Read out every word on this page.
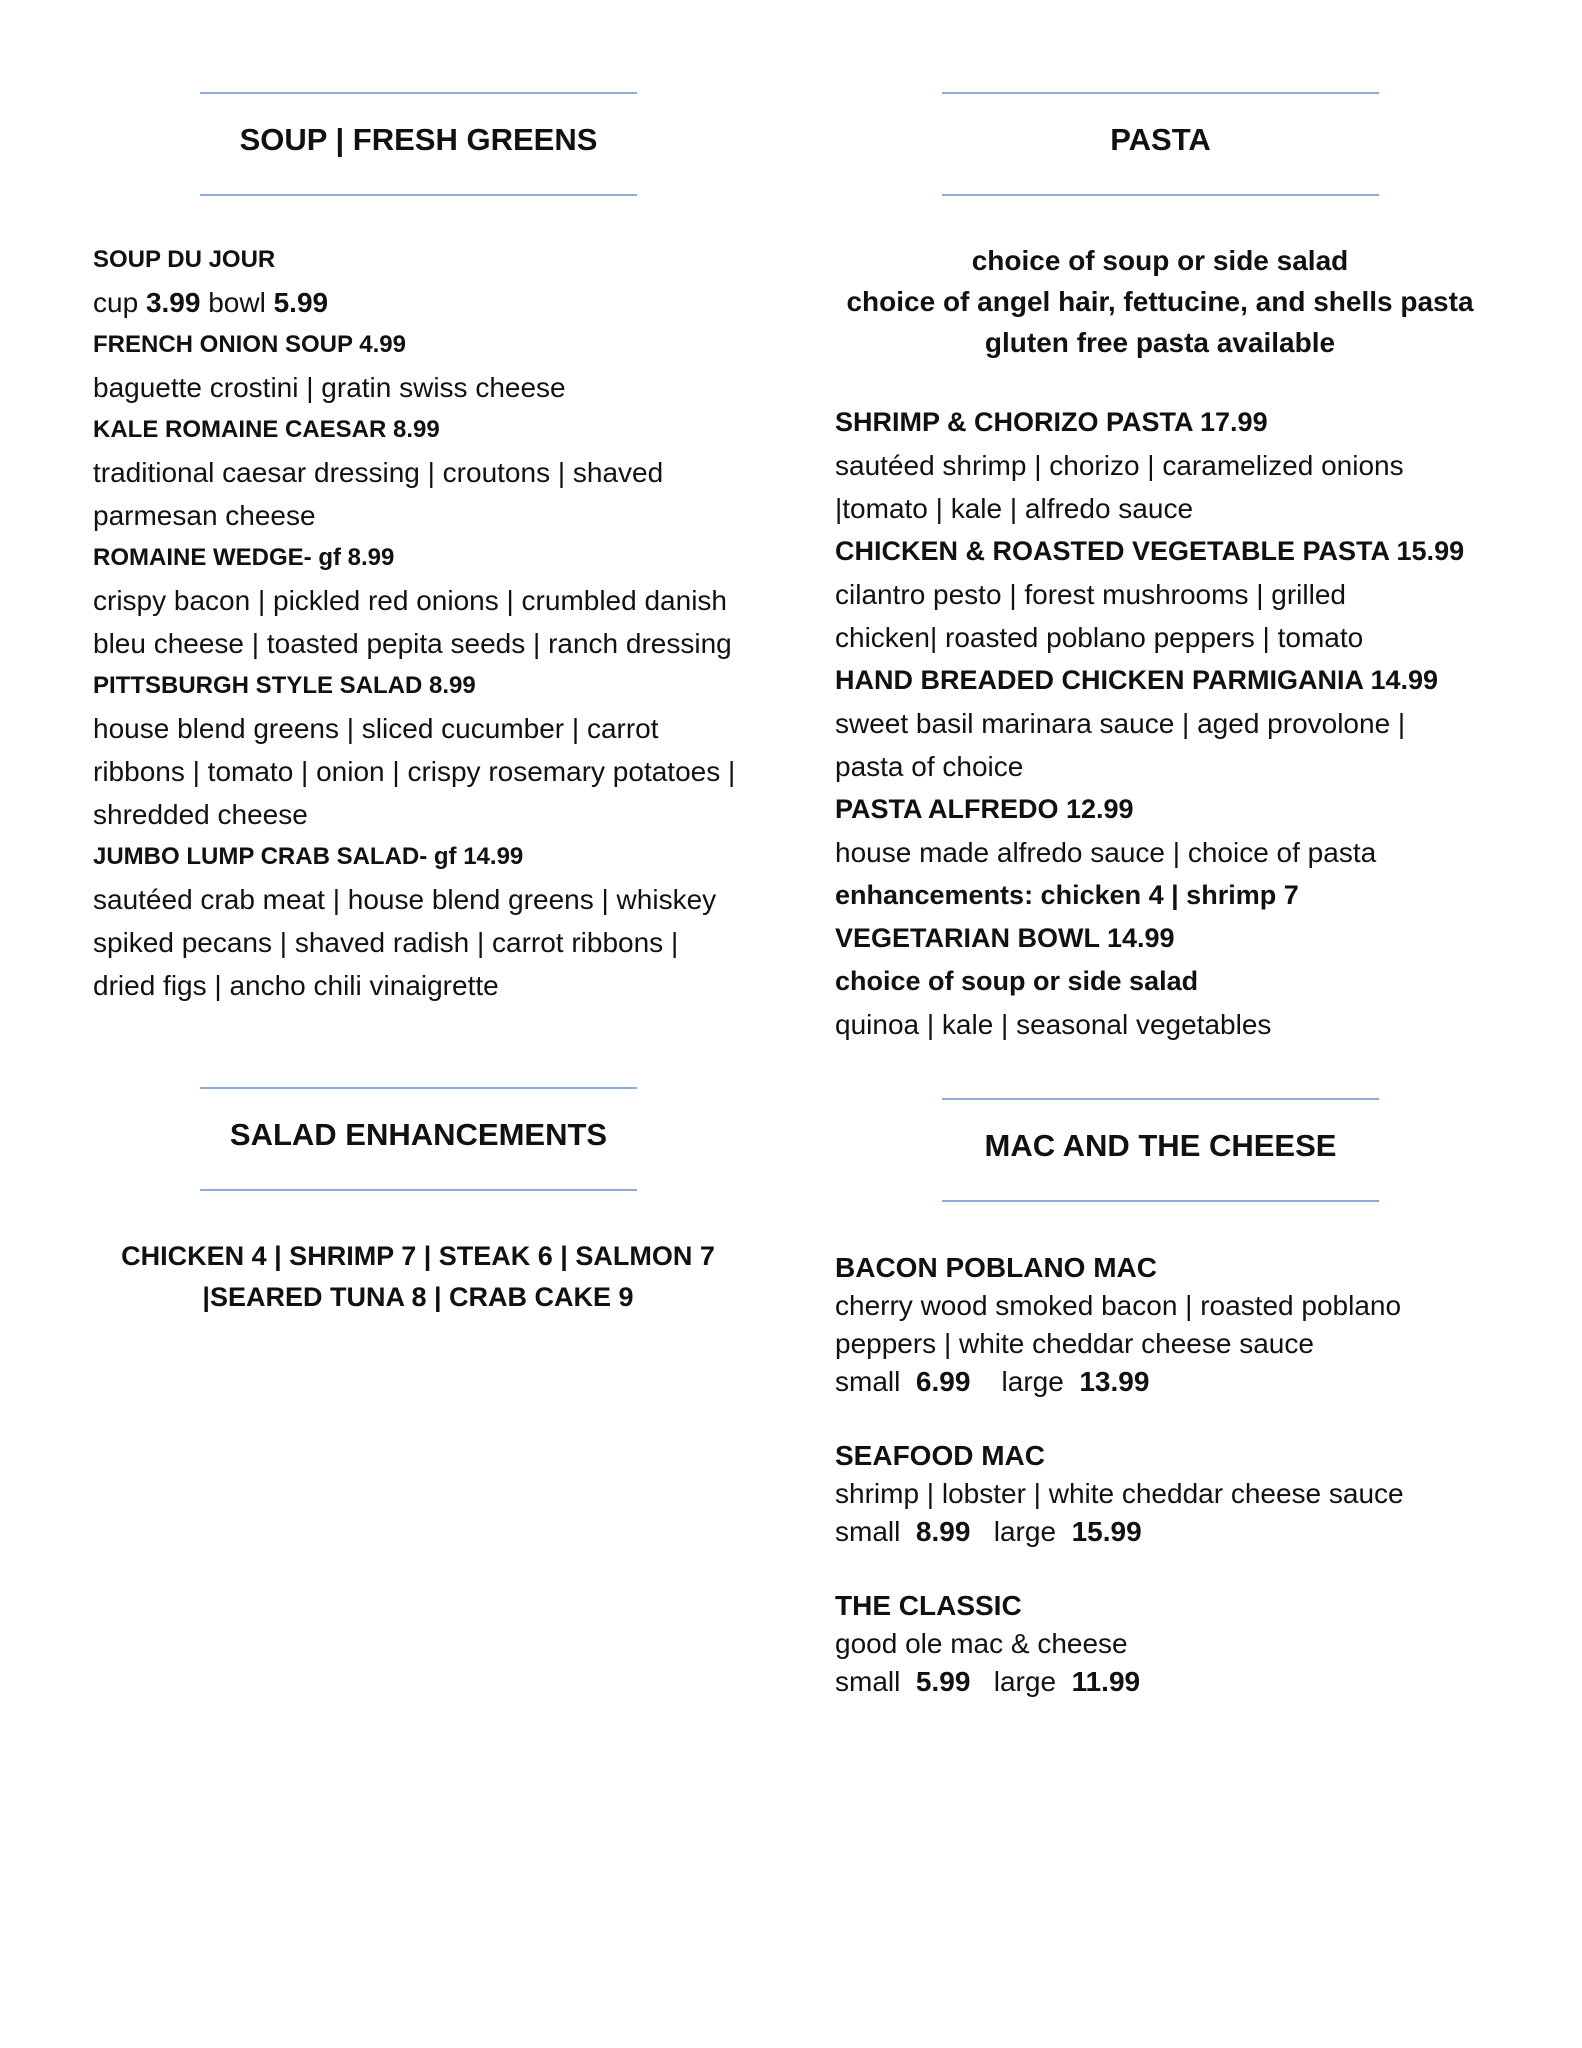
SOUP | FRESH GREENS
SOUP DU JOUR
cup 3.99 bowl 5.99
FRENCH ONION SOUP 4.99
baguette crostini | gratin swiss cheese
KALE ROMAINE CAESAR 8.99
traditional caesar dressing | croutons | shaved parmesan cheese
ROMAINE WEDGE- gf 8.99
crispy bacon | pickled red onions | crumbled danish bleu cheese | toasted pepita seeds | ranch dressing
PITTSBURGH STYLE SALAD 8.99
house blend greens | sliced cucumber | carrot ribbons | tomato | onion | crispy rosemary potatoes | shredded cheese
JUMBO LUMP CRAB SALAD- gf 14.99
sautéed crab meat | house blend greens | whiskey spiked pecans | shaved radish | carrot ribbons | dried figs | ancho chili vinaigrette
SALAD ENHANCEMENTS
CHICKEN 4 | SHRIMP 7 | STEAK 6 | SALMON 7
|SEARED TUNA 8 | CRAB CAKE 9
PASTA
choice of soup or side salad
choice of angel hair, fettucine, and shells pasta
gluten free pasta available
SHRIMP & CHORIZO PASTA 17.99
sautéed shrimp | chorizo | caramelized onions |tomato | kale | alfredo sauce
CHICKEN & ROASTED VEGETABLE PASTA 15.99
cilantro pesto | forest mushrooms | grilled chicken| roasted poblano peppers | tomato
HAND BREADED CHICKEN PARMIGANIA 14.99
sweet basil marinara sauce | aged provolone | pasta of choice
PASTA ALFREDO 12.99
house made alfredo sauce | choice of pasta
enhancements: chicken 4 | shrimp 7
VEGETARIAN BOWL 14.99
choice of soup or side salad
quinoa | kale | seasonal vegetables
MAC AND THE CHEESE
BACON POBLANO MAC
cherry wood smoked bacon | roasted poblano
peppers | white cheddar cheese sauce
small 6.99 large 13.99
SEAFOOD MAC
shrimp | lobster | white cheddar cheese sauce
small 8.99 large 15.99
THE CLASSIC
good ole mac & cheese
small 5.99 large 11.99
